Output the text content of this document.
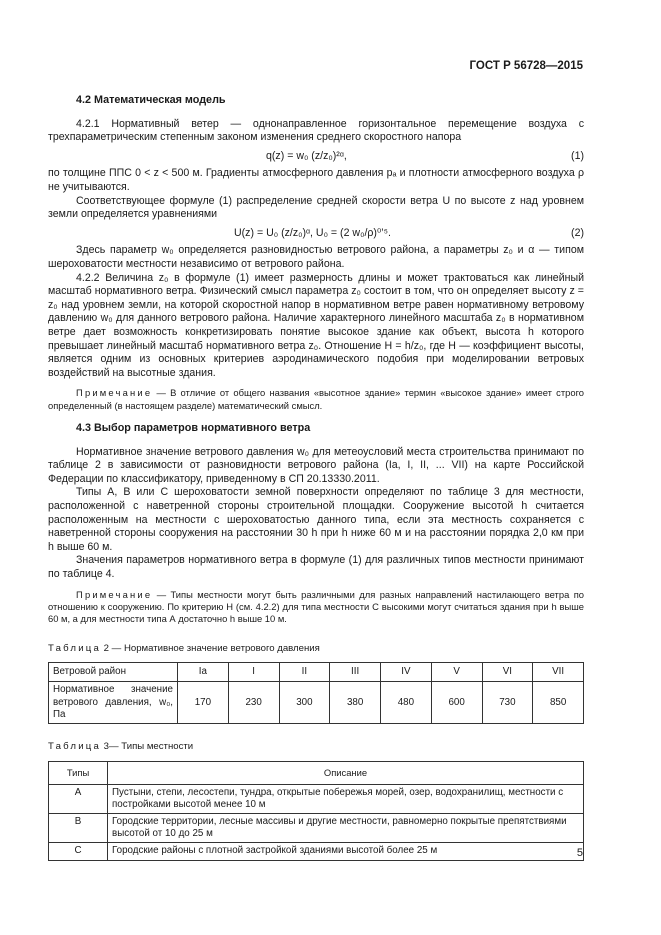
ГОСТ Р 56728—2015
4.2 Математическая модель

4.2.1 Нормативный ветер — однонаправленное горизонтальное перемещение воздуха с трехпараметрическим степенным законом изменения среднего скоростного напора

q(z) = w₀ (z/z₀)²ᵅ,	(1)

по толщине ППС 0 < z < 500 м. Градиенты атмосферного давления pₐ и плотности атмосферного воздуха ρ не учитываются.

Соответствующее формуле (1) распределение средней скорости ветра U по высоте z над уровнем земли определяется уравнениями

U(z) = U₀ (z/z₀)ᵅ, U₀ = (2 w₀/ρ)⁰’⁵.	(2)

Здесь параметр w₀ определяется разновидностью ветрового района, а параметры z₀ и α — типом шероховатости местности независимо от ветрового района.

4.2.2 Величина z₀ в формуле (1) имеет размерность длины и может трактоваться как линейный масштаб нормативного ветра. Физический смысл параметра z₀ состоит в том, что он определяет высоту z = z₀ над уровнем земли, на которой скоростной напор в нормативном ветре равен нормативному ветровому давлению w₀ для данного ветрового района. Наличие характерного линейного масштаба z₀ в нормативном ветре дает возможность конкретизировать понятие высокое здание как объект, высота h которого превышает линейный масштаб нормативного ветра z₀. Отношение H = h/z₀, где H — коэффициент высоты, является одним из основных критериев аэродинамического подобия при моделировании ветровых воздействий на высотные здания.

Примечание — В отличие от общего названия «высотное здание» термин «высокое здание» имеет строго определенный (в настоящем разделе) математический смысл.

4.3 Выбор параметров нормативного ветра

Нормативное значение ветрового давления w₀ для метеоусловий места строительства принимают по таблице 2 в зависимости от разновидности ветрового района (Ia, I, II, ... VII) на карте Российской Федерации по классификатору, приведенному в СП 20.13330.2011.

Типы А, В или С шероховатости земной поверхности определяют по таблице 3 для местности, расположенной с наветренной стороны строительной площадки. Сооружение высотой h считается расположенным на местности с шероховатостью данного типа, если эта местность сохраняется с наветренной стороны сооружения на расстоянии 30 h при h ниже 60 м и на расстоянии порядка 2,0 км при h выше 60 м.

Значения параметров нормативного ветра в формуле (1) для различных типов местности принимают по таблице 4.

Примечание — Типы местности могут быть различными для разных направлений настилающего ветра по отношению к сооружению. По критерию H (см. 4.2.2) для типа местности С высокими могут считаться здания при h выше 60 м, а для местности типа А достаточно h выше 10 м.

Таблица 2 — Нормативное значение ветрового давления
Ветровой район	Ia	I	II	III	IV	V	VI	VII
Нормативное значение ветрового давления, w₀, Па	170	230	300	380	480	600	730	850
Таблица 3— Типы местности
Типы	Описание
A	Пустыни, степи, лесостепи, тундра, открытые побережья морей, озер, водохранилищ, местности с постройками высотой менее 10 м
B	Городские территории, лесные массивы и другие местности, равномерно покрытые препятствиями высотой от 10 до 25 м
C	Городские районы с плотной застройкой зданиями высотой более 25 м	5
